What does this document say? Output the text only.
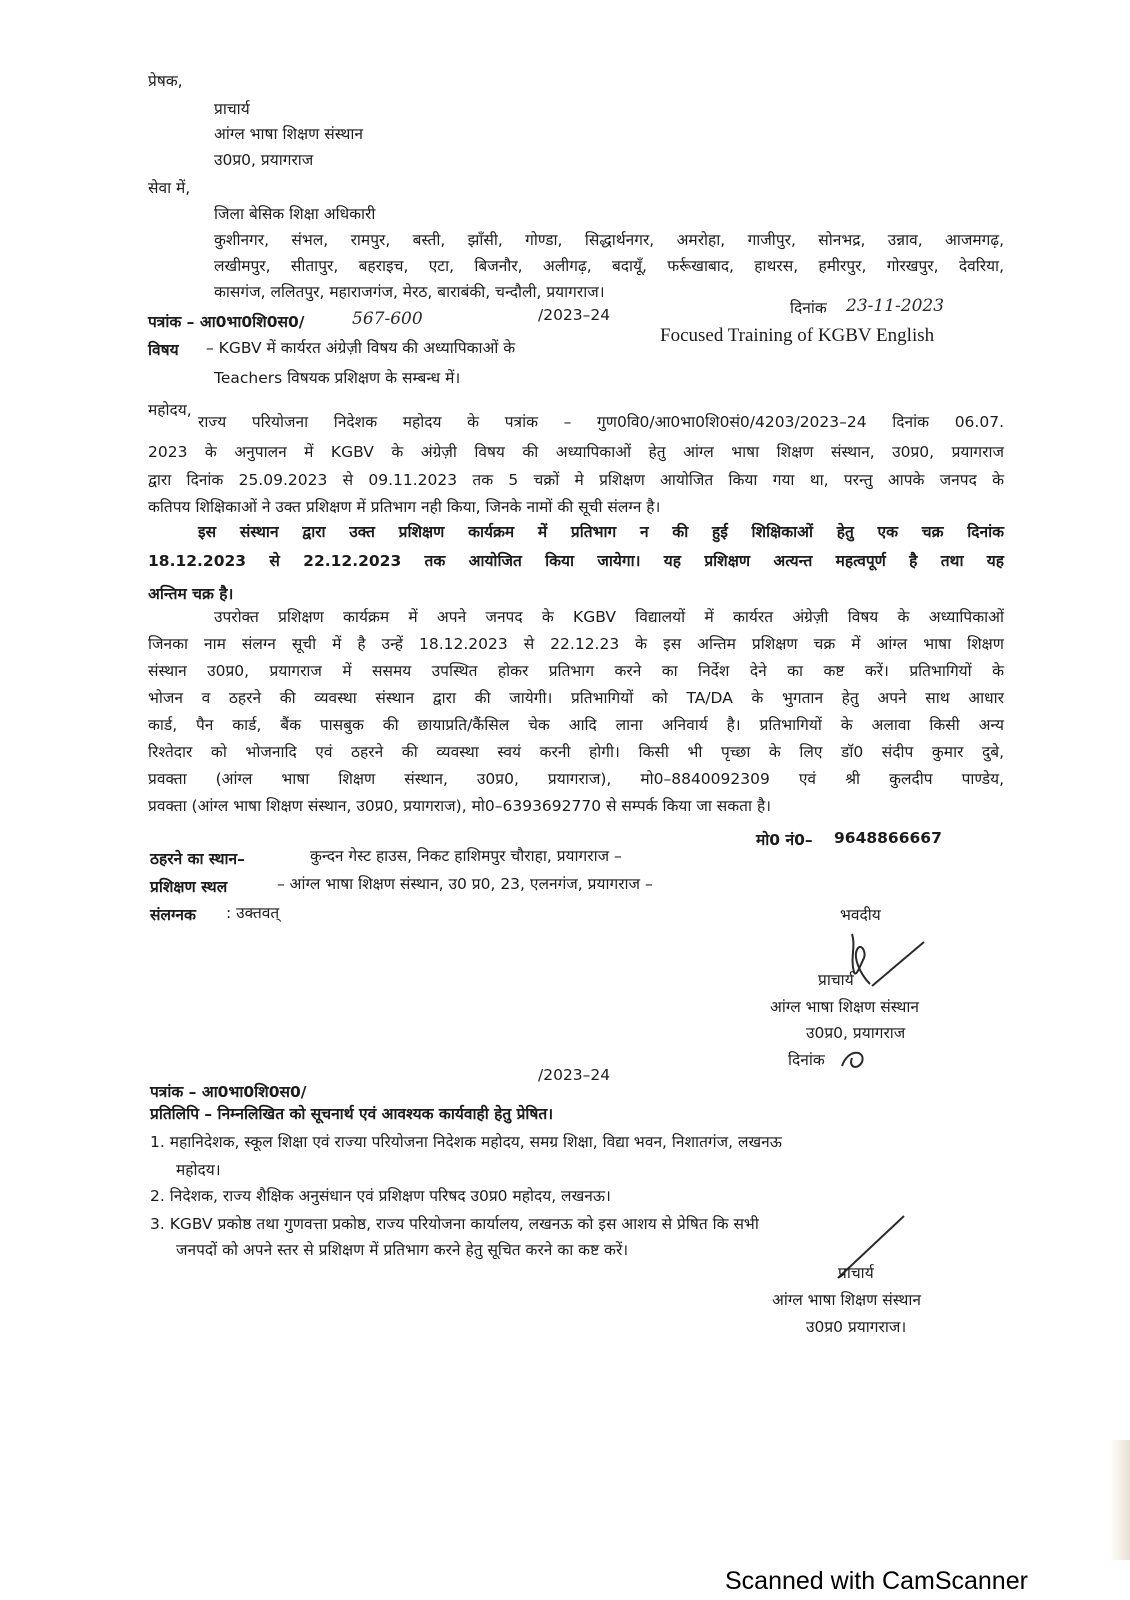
प्रेषक,
प्राचार्य
आंग्ल भाषा शिक्षण संस्थान
उ0प्र0, प्रयागराज
सेवा में,
जिला बेसिक शिक्षा अधिकारी
कुशीनगर, संभल, रामपुर, बस्ती, झाँसी, गोण्डा, सिद्धार्थनगर, अमरोहा, गाजीपुर, सोनभद्र, उन्नाव, आजमगढ़,
लखीमपुर, सीतापुर, बहराइच, एटा, बिजनौर, अलीगढ़, बदायूँ, फर्रूखाबाद, हाथरस, हमीरपुर, गोरखपुर, देवरिया,
कासगंज, ललितपुर, महाराजगंज, मेरठ, बाराबंकी, चन्दौली, प्रयागराज।
पत्रांक – आ0भा0शि0स0/	567-600	/2023–24	दिनांक 23-11-2023
विषय – KGBV में कार्यरत अंग्रेज़ी विषय की अध्यापिकाओं के
Focused Training of KGBV English
Teachers विषयक प्रशिक्षण के सम्बन्ध में।
महोदय,
राज्य परियोजना निदेशक महोदय के पत्रांक – गुण0वि0/आ0भा0शि0सं0/4203/2023–24 दिनांक 06.07.
2023 के अनुपालन में KGBV के अंग्रेज़ी विषय की अध्यापिकाओं हेतु आंग्ल भाषा शिक्षण संस्थान, उ0प्र0, प्रयागराज
द्वारा दिनांक 25.09.2023 से 09.11.2023 तक 5 चक्रों मे प्रशिक्षण आयोजित किया गया था, परन्तु आपके जनपद के
कतिपय शिक्षिकाओं ने उक्त प्रशिक्षण में प्रतिभाग नही किया, जिनके नामों की सूची संलग्न है।
इस संस्थान द्वारा उक्त प्रशिक्षण कार्यक्रम में प्रतिभाग न की हुई शिक्षिकाओं हेतु एक चक्र दिनांक
18.12.2023 से 22.12.2023 तक आयोजित किया जायेगा। यह प्रशिक्षण अत्यन्त महत्वपूर्ण है तथा यह
अन्तिम चक्र है।
उपरोक्त प्रशिक्षण कार्यक्रम में अपने जनपद के KGBV विद्यालयों में कार्यरत अंग्रेज़ी विषय के अध्यापिकाओं
जिनका नाम संलग्न सूची में है उन्हें 18.12.2023 से 22.12.23 के इस अन्तिम प्रशिक्षण चक्र में आंग्ल भाषा शिक्षण
संस्थान उ0प्र0, प्रयागराज में ससमय उपस्थित होकर प्रतिभाग करने का निर्देश देने का कष्ट करें। प्रतिभागियों के
भोजन व ठहरने की व्यवस्था संस्थान द्वारा की जायेगी। प्रतिभागियों को TA/DA के भुगतान हेतु अपने साथ आधार
कार्ड, पैन कार्ड, बैंक पासबुक की छायाप्रति/कैंसिल चेक आदि लाना अनिवार्य है। प्रतिभागियों के अलावा किसी अन्य
रिश्तेदार को भोजनादि एवं ठहरने की व्यवस्था स्वयं करनी होगी। किसी भी पृच्छा के लिए डॉ0 संदीप कुमार दुबे,
प्रवक्ता (आंग्ल भाषा शिक्षण संस्थान, उ0प्र0, प्रयागराज), मो0–8840092309 एवं श्री कुलदीप पाण्डेय,
प्रवक्ता (आंग्ल भाषा शिक्षण संस्थान, उ0प्र0, प्रयागराज), मो0–6393692770 से सम्पर्क किया जा सकता है।
ठहरने का स्थान–	कुन्दन गेस्ट हाउस, निकट हाशिमपुर चौराहा, प्रयागराज –
मो0 नं0– 9648866667
प्रशिक्षण स्थल	– आंग्ल भाषा शिक्षण संस्थान, उ0 प्र0, 23, एलनगंज, प्रयागराज –
संलग्नक : उक्तवत्	भवदीय
प्राचार्य
आंग्ल भाषा शिक्षण संस्थान
उ0प्र0, प्रयागराज
दिनांक
/2023–24
पत्रांक – आ0भा0शि0स0/
प्रतिलिपि – निम्नलिखित को सूचनार्थ एवं आवश्यक कार्यवाही हेतु प्रेषित।
1. महानिदेशक, स्कूल शिक्षा एवं राज्या परियोजना निदेशक महोदय, समग्र शिक्षा, विद्या भवन, निशातगंज, लखनऊ
महोदय।
2. निदेशक, राज्य शैक्षिक अनुसंधान एवं प्रशिक्षण परिषद उ0प्र0 महोदय, लखनऊ।
3. KGBV प्रकोष्ठ तथा गुणवत्ता प्रकोष्ठ, राज्य परियोजना कार्यालय, लखनऊ को इस आशय से प्रेषित कि सभी
जनपदों को अपने स्तर से प्रशिक्षण में प्रतिभाग करने हेतु सूचित करने का कष्ट करें।
प्राचार्य
आंग्ल भाषा शिक्षण संस्थान
उ0प्र0 प्रयागराज।
Scanned with CamScanner
